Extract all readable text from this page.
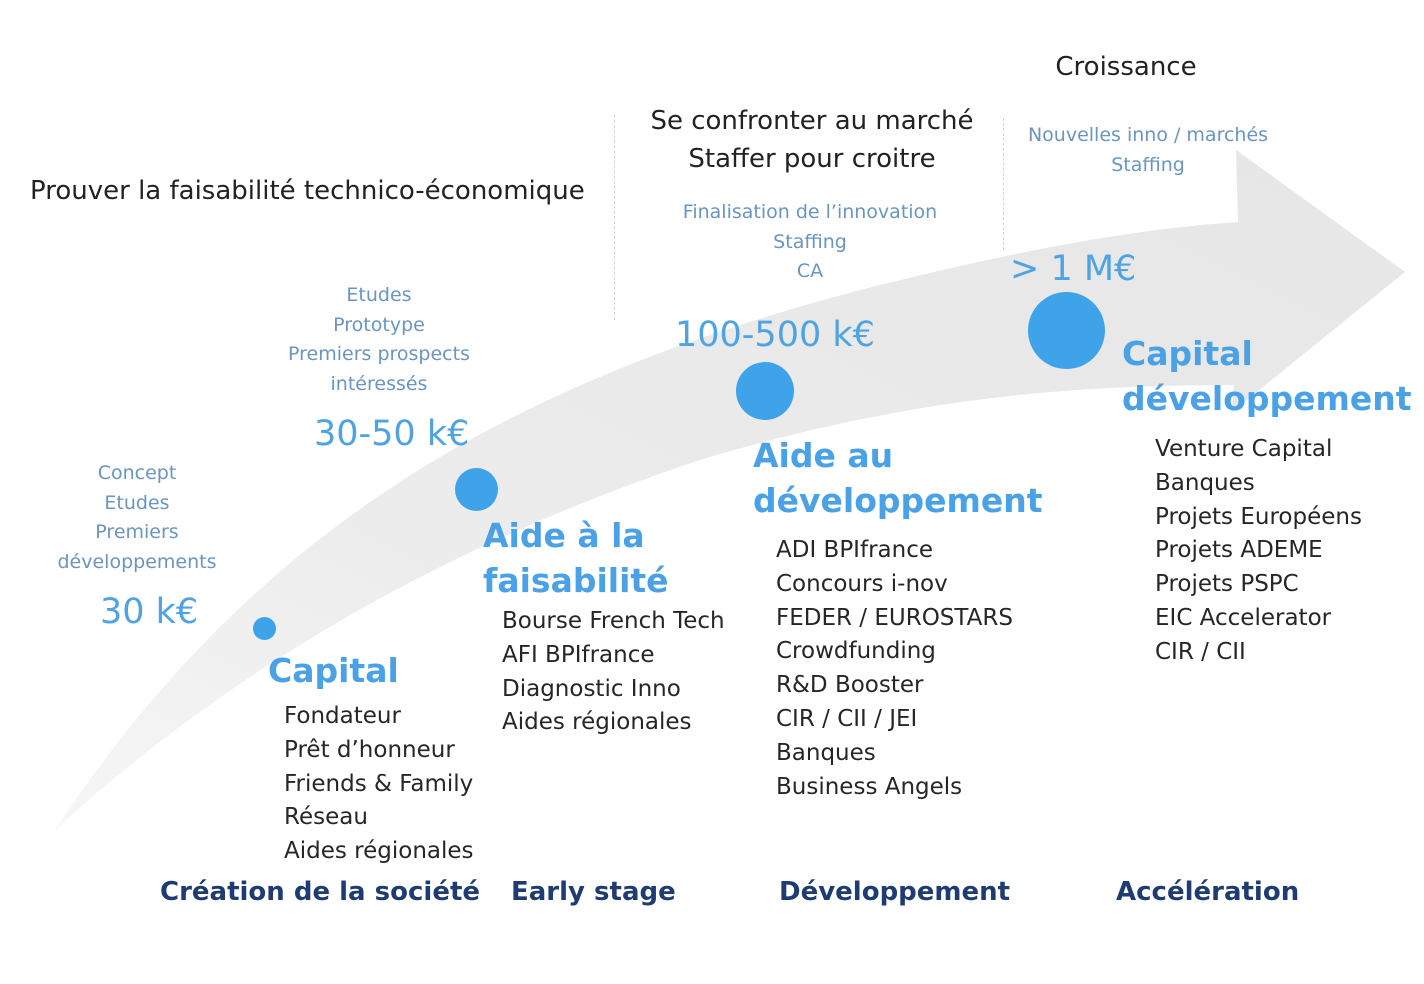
Prouver la faisabilité technico-économique
Se confronter au marché
Staffer pour croitre
Finalisation de l’innovation
Staffing
CA
Croissance
Nouvelles inno / marchés
Staffing
Concept
Etudes
Premiers
développements
30 k€
Capital
Fondateur
Prêt d’honneur
Friends & Family
Réseau
Aides régionales
Etudes
Prototype
Premiers prospects
intéressés
30-50 k€
Aide à la
faisabilité
Bourse French Tech
AFI BPIfrance
Diagnostic Inno
Aides régionales
100-500 k€
Aide au
développement
ADI BPIfrance
Concours i-nov
FEDER / EUROSTARS
Crowdfunding
R&D Booster
CIR / CII / JEI
Banques
Business Angels
> 1 M€
Capital
développement
Venture Capital
Banques
Projets Européens
Projets ADEME
Projets PSPC
EIC Accelerator
CIR / CII
Création de la société Early stage	Développement	Accélération
